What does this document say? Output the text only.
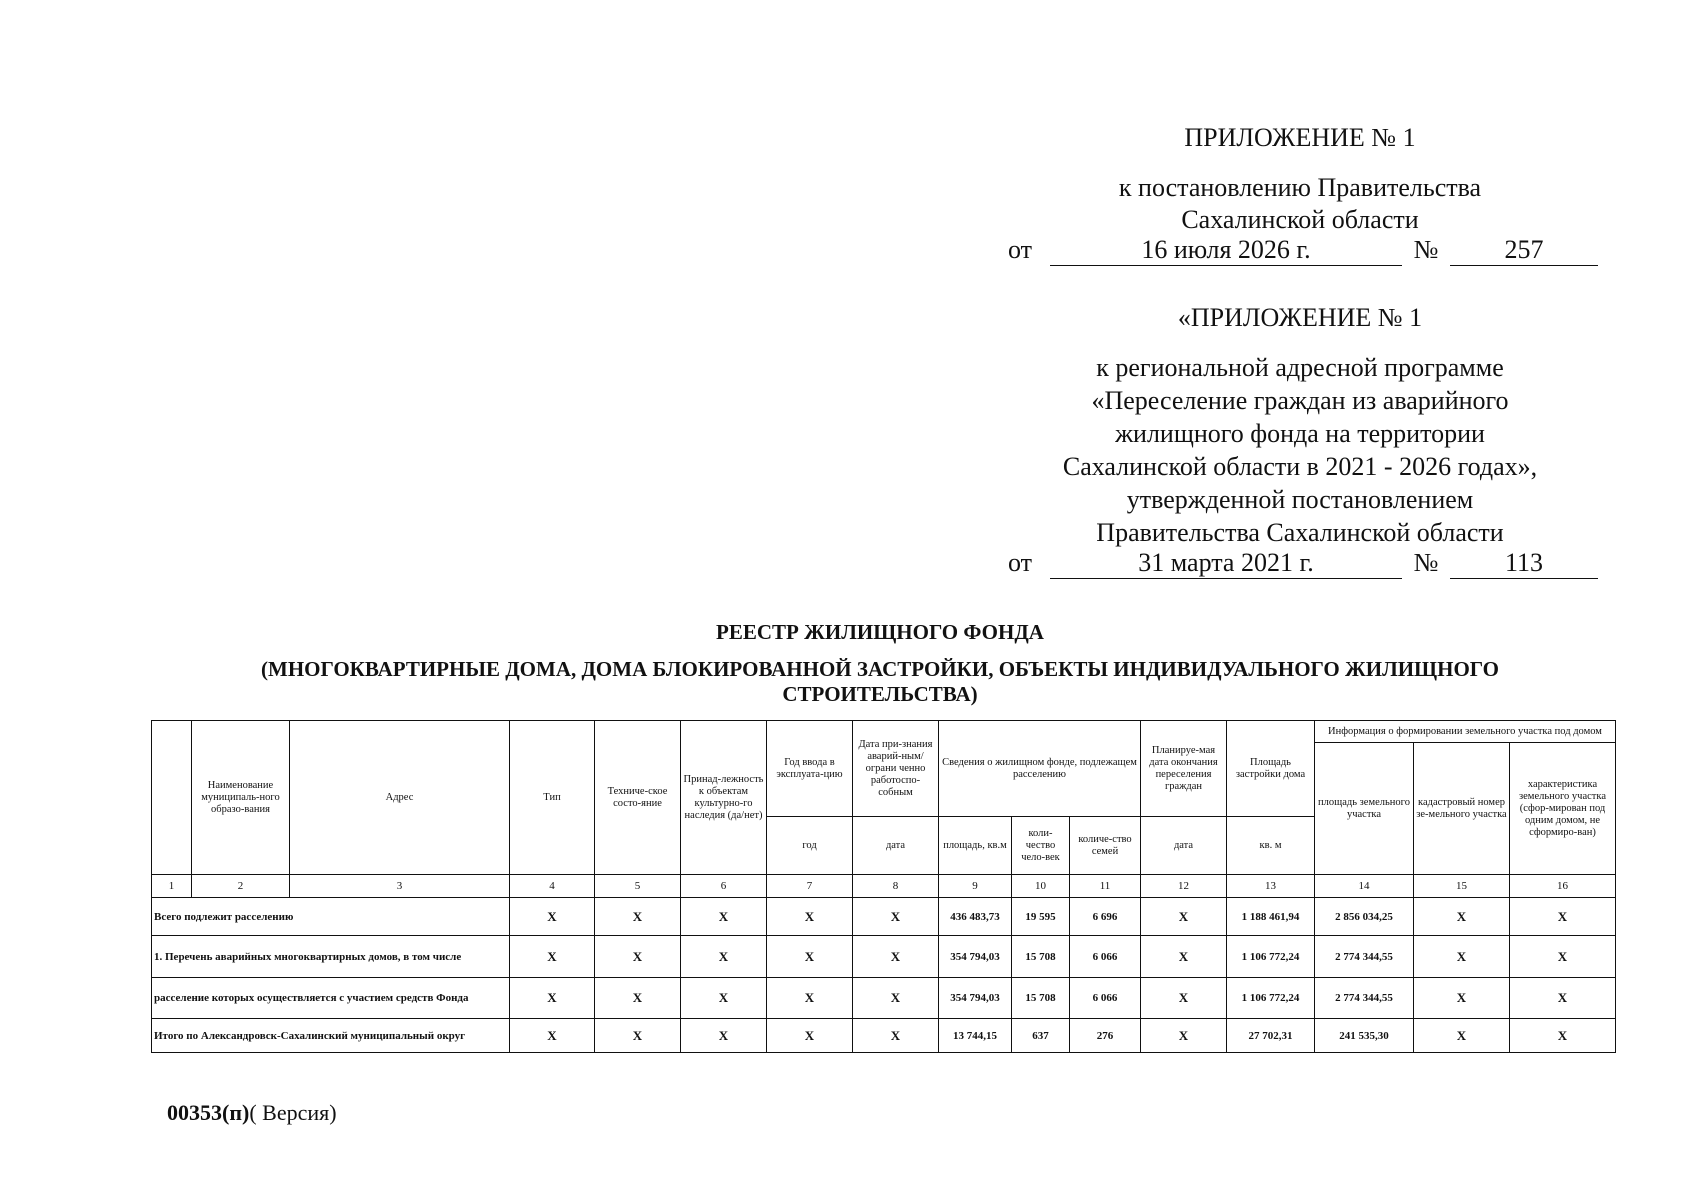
ПРИЛОЖЕНИЕ № 1
к постановлению Правительства
Сахалинской области
от	16 июля 2026 г.	№	257
«ПРИЛОЖЕНИЕ № 1
к региональной адресной программе
«Переселение граждан из аварийного
жилищного фонда на территории
Сахалинской области в 2021 - 2026 годах»,
утвержденной постановлением
Правительства Сахалинской области
от	31 марта 2021 г.	№	113
РЕЕСТР ЖИЛИЩНОГО ФОНДА
(МНОГОКВАРТИРНЫЕ ДОМА, ДОМА БЛОКИРОВАННОЙ ЗАСТРОЙКИ, ОБЪЕКТЫ ИНДИВИДУАЛЬНОГО ЖИЛИЩНОГО
СТРОИТЕЛЬСТВА)
	Наименование муниципаль-ного образо-вания	Адрес	Тип	Техниче-ское состо-яние	Принад-лежность к объектам культурно-го наследия (да/нет)	Год ввода в эксплуата-цию	Дата при-знания аварий-ным/ограни ченно работоспо-собным	Сведения о жилищном фонде, подлежащем расселению			Планируе-мая дата окончания переселения граждан	Площадь застройки дома	Информация о формировании земельного участка под домом		
													площадь земельного участка	кадастровый номер зе-мельного участка	характеристика земельного участка (сфор-мирован под одним домом, не сформиро-ван)
						год	дата	площадь, кв.м	коли-чество чело-век	количе-ство семей	дата	кв. м			
1	2	3	4	5	6	7	8	9	10	11	12	13	14	15	16
Всего подлежит расселению			X	X	X	X	X	436 483,73	19 595	6 696	X	1 188 461,94	2 856 034,25	X	X
1. Перечень аварийных многоквартирных домов, в том числе			X	X	X	X	X	354 794,03	15 708	6 066	X	1 106 772,24	2 774 344,55	X	X
расселение которых осуществляется с участием средств Фонда			X	X	X	X	X	354 794,03	15 708	6 066	X	1 106 772,24	2 774 344,55	X	X
Итого по Александровск-Сахалинский муниципальный округ			X	X	X	X	X	13 744,15	637	276	X	27 702,31	241 535,30	X	X
00353(п)( Версия)
